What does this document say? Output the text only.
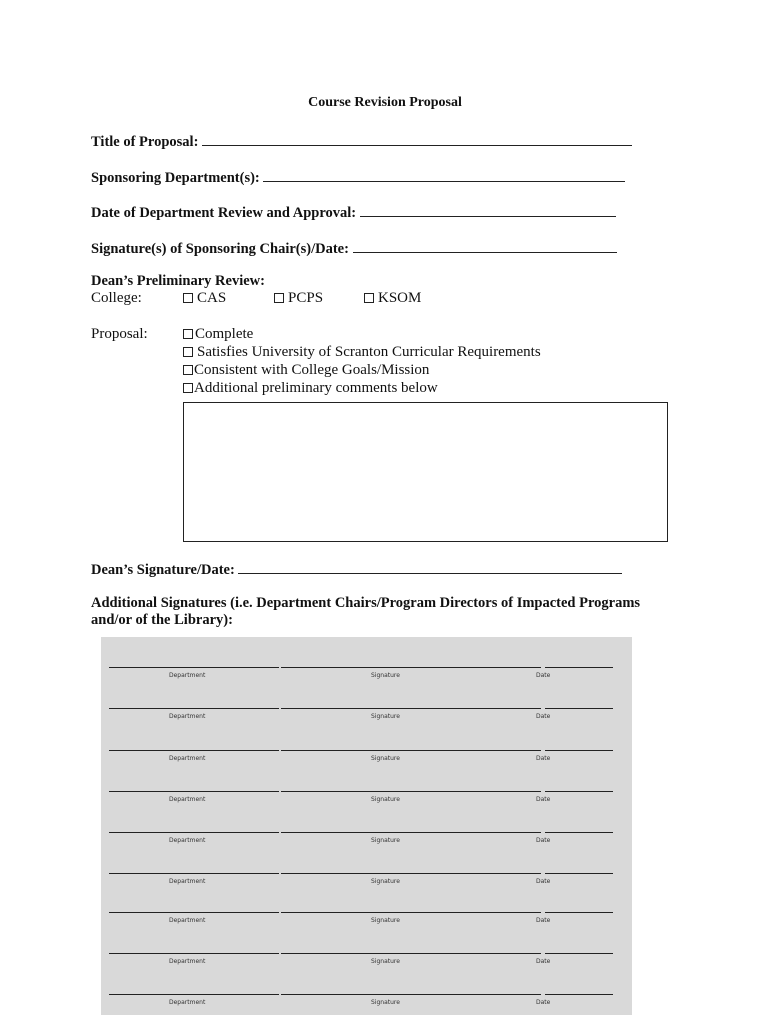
Course Revision Proposal
Title of Proposal:
Sponsoring Department(s):
Date of Department Review and Approval:
Signature(s) of Sponsoring Chair(s)/Date:
Dean’s Preliminary Review:
College:	CAS	PCPS	KSOM
Proposal:	Complete
Satisfies University of Scranton Curricular Requirements
Consistent with College Goals/Mission
Additional preliminary comments below
Dean’s Signature/Date:
Additional Signatures (i.e. Department Chairs/Program Directors of Impacted Programs
and/or of the Library):
Department	Signature	Date
Department	Signature	Date
Department	Signature	Date
Department	Signature	Date
Department	Signature	Date
Department	Signature	Date
Department	Signature	Date
Department	Signature	Date
Department	Signature	Date
